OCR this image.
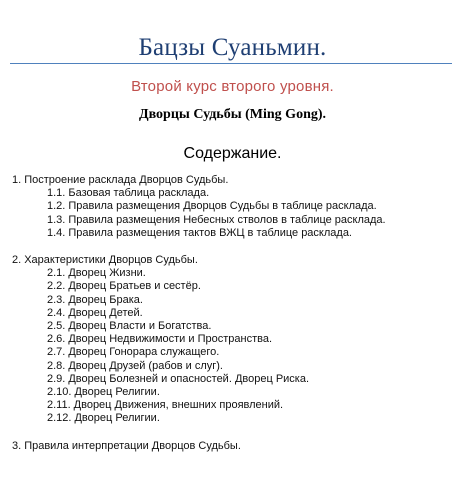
Бацзы Суаньмин.
Второй курс второго уровня.
Дворцы Судьбы (Ming Gong).
Содержание.
1. Построение расклада Дворцов Судьбы.
1.1. Базовая таблица расклада.
1.2. Правила размещения Дворцов Судьбы в таблице расклада.
1.3. Правила размещения Небесных стволов в таблице расклада.
1.4. Правила размещения тактов ВЖЦ в таблице расклада.
2. Характеристики Дворцов Судьбы.
2.1. Дворец Жизни.
2.2. Дворец Братьев и сестёр.
2.3. Дворец Брака.
2.4. Дворец Детей.
2.5. Дворец Власти и Богатства.
2.6. Дворец Недвижимости и Пространства.
2.7. Дворец Гонорара служащего.
2.8. Дворец Друзей (рабов и слуг).
2.9. Дворец Болезней и опасностей. Дворец Риска.
2.10. Дворец Религии.
2.11. Дворец Движения, внешних проявлений.
2.12. Дворец Религии.
3. Правила интерпретации Дворцов Судьбы.
